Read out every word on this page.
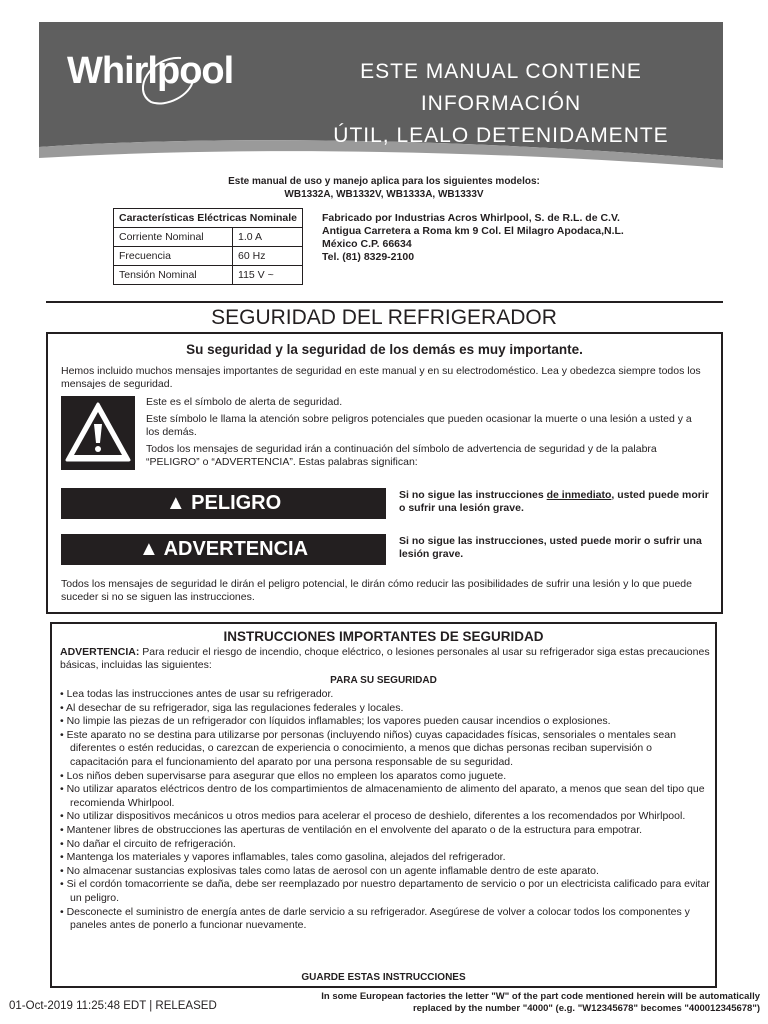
Whirlpool	ESTE MANUAL CONTIENE INFORMACIÓN
ÚTIL, LEALO DETENIDAMENTE
Este manual de uso y manejo aplica para los siguientes modelos:
WB1332A, WB1332V, WB1333A, WB1333V
Características Eléctricas Nominale	
Corriente Nominal	1.0 A
Frecuencia	60 Hz
Tensión Nominal	115 V ~
Fabricado por Industrias Acros Whirlpool, S. de R.L. de C.V.
Antigua Carretera a Roma km 9 Col. El Milagro Apodaca,N.L.
México C.P. 66634
Tel. (81) 8329-2100
SEGURIDAD DEL REFRIGERADOR
Su seguridad y la seguridad de los demás es muy importante.
Hemos incluido muchos mensajes importantes de seguridad en este manual y en su electrodoméstico. Lea y obedezca siempre todos los mensajes de seguridad.

Este es el símbolo de alerta de seguridad.

Este símbolo le llama la atención sobre peligros potenciales que pueden ocasionar la muerte o una lesión a usted y a los demás.

Todos los mensajes de seguridad irán a continuación del símbolo de advertencia de seguridad y de la palabra “PELIGRO” o “ADVERTENCIA”. Estas palabras significan:

▲ PELIGRO	Si no sigue las instrucciones de inmediato, usted puede morir o sufrir una lesión grave.
▲ ADVERTENCIA	Si no sigue las instrucciones, usted puede morir o sufrir una lesión grave.
Todos los mensajes de seguridad le dirán el peligro potencial, le dirán cómo reducir las posibilidades de sufrir una lesión y lo que puede suceder si no se siguen las instrucciones.
INSTRUCCIONES IMPORTANTES DE SEGURIDAD
ADVERTENCIA: Para reducir el riesgo de incendio, choque eléctrico, o lesiones personales al usar su refrigerador siga estas precauciones básicas, incluidas las siguientes:
PARA SU SEGURIDAD
• Lea todas las instrucciones antes de usar su refrigerador.
• Al desechar de su refrigerador, siga las regulaciones federales y locales.
• No limpie las piezas de un refrigerador con líquidos inflamables; los vapores pueden causar incendios o explosiones.
• Este aparato no se destina para utilizarse por personas (incluyendo niños) cuyas capacidades físicas, sensoriales o mentales sean diferentes o estén reducidas, o carezcan de experiencia o conocimiento, a menos que dichas personas reciban supervisión o capacitación para el funcionamiento del aparato por una persona responsable de su seguridad.
• Los niños deben supervisarse para asegurar que ellos no empleen los aparatos como juguete.
• No utilizar aparatos eléctricos dentro de los compartimientos de almacenamiento de alimento del aparato, a menos que sean del tipo que recomienda Whirlpool.
• No utilizar dispositivos mecánicos u otros medios para acelerar el proceso de deshielo, diferentes a los recomendados por Whirlpool.
• Mantener libres de obstrucciones las aperturas de ventilación en el envolvente del aparato o de la estructura para empotrar.
• No dañar el circuito de refrigeración.
• Mantenga los materiales y vapores inflamables, tales como gasolina, alejados del refrigerador.
• No almacenar sustancias explosivas tales como latas de aerosol con un agente inflamable dentro de este aparato.
• Si el cordón tomacorriente se daña, debe ser reemplazado por nuestro departamento de servicio o por un electricista calificado para evitar un peligro.
• Desconecte el suministro de energía antes de darle servicio a su refrigerador. Asegúrese de volver a colocar todos los componentes y paneles antes de ponerlo a funcionar nuevamente.
GUARDE ESTAS INSTRUCCIONES
01-Oct-2019 11:25:48 EDT | RELEASED
In some European factories the letter "W" of the part code mentioned herein will be automatically
replaced by the number "4000" (e.g. "W12345678" becomes "400012345678")
